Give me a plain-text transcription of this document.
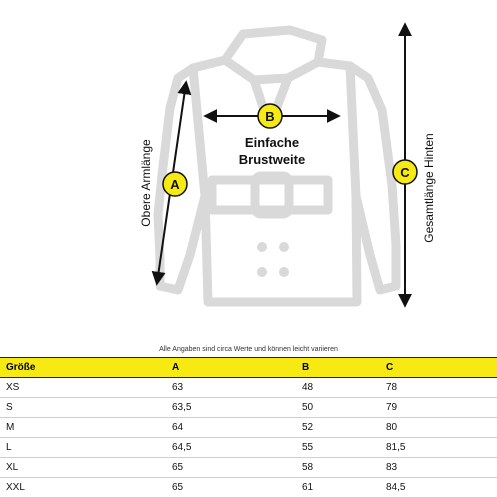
A
B
C
Obere Armlänge	Einfache
Brustweite	Gesamtlänge Hinten
Alle Angaben sind circa Werte und können leicht variieren
Größe	A	B	C
XS	63	48	78
S	63,5	50	79
M	64	52	80
L	64,5	55	81,5
XL	65	58	83
XXL	65	61	84,5
